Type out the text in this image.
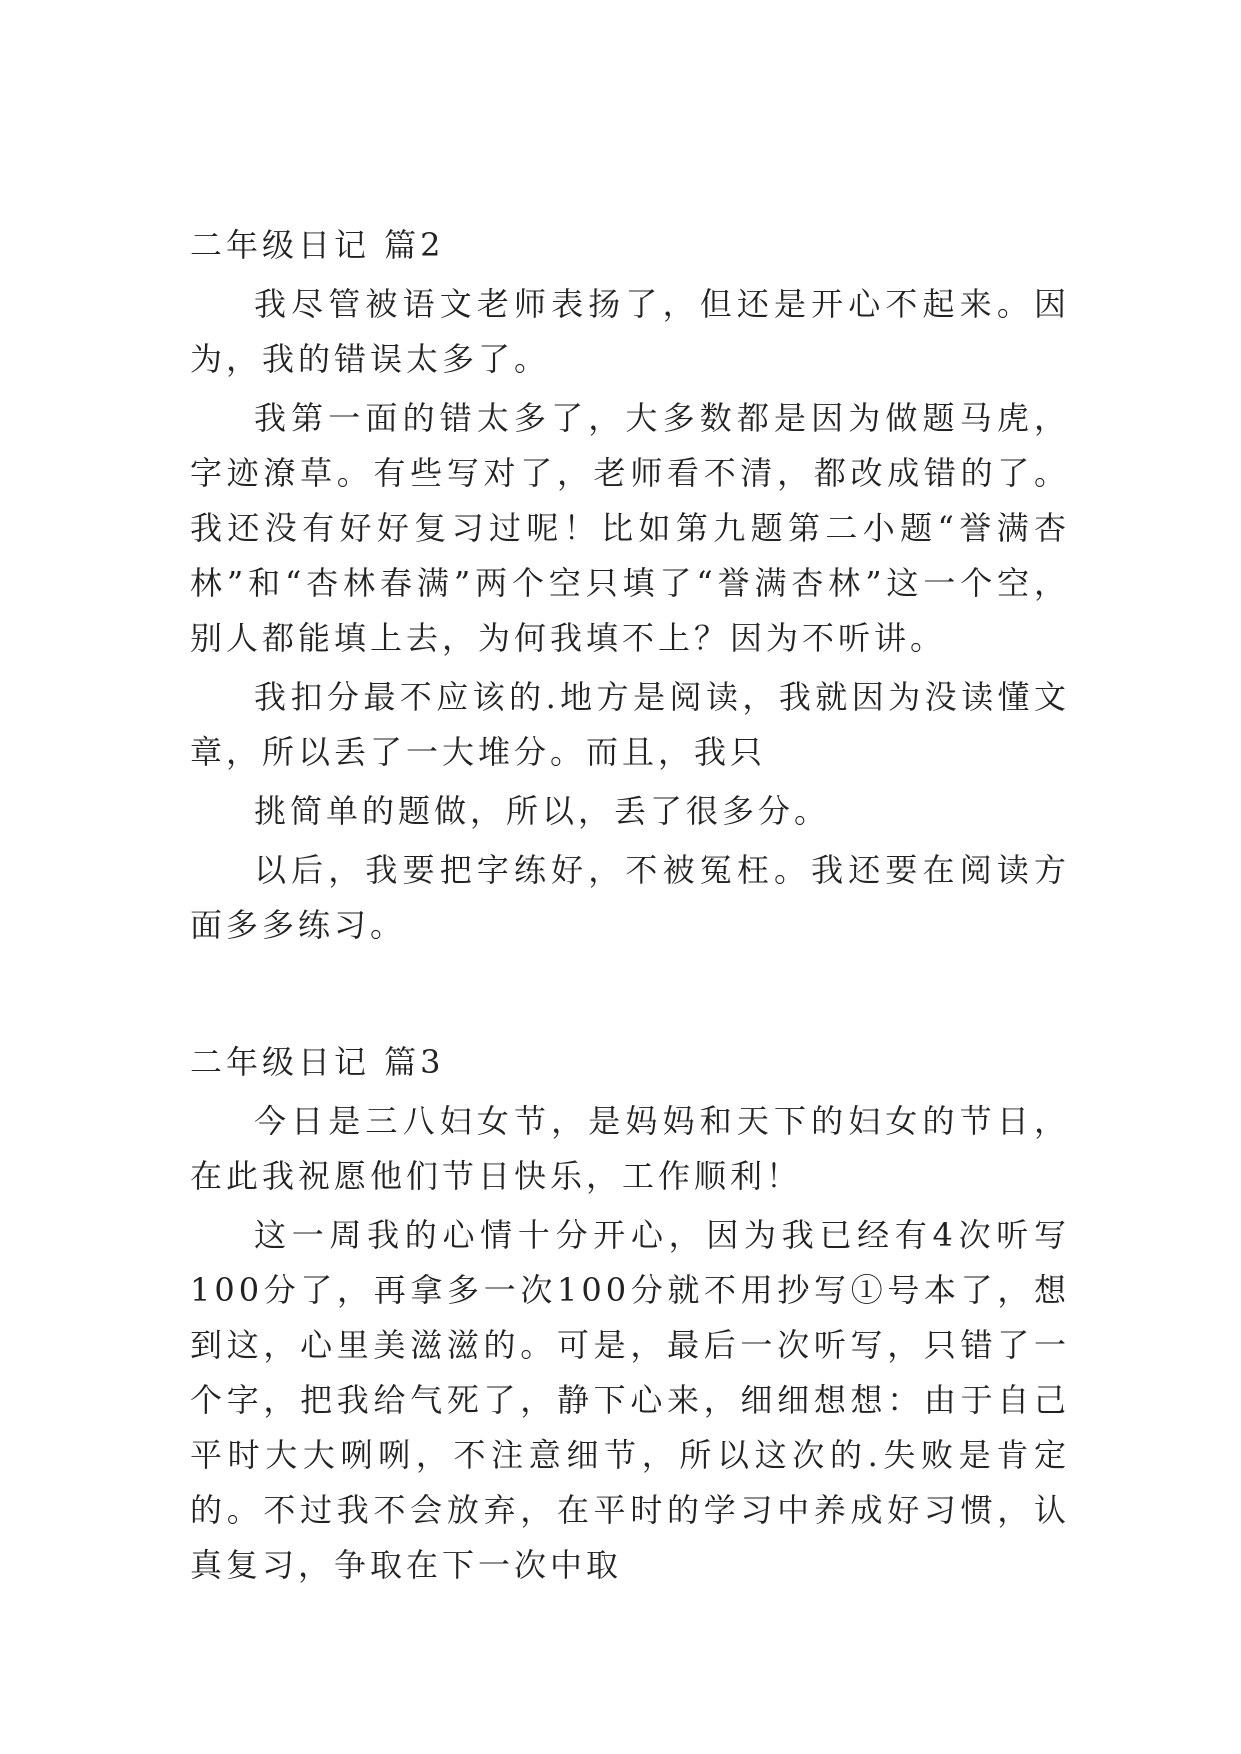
二年级日记 篇2

我尽管被语文老师表扬了，但还是开心不起来。因为，我的错误太多了。

我第一面的错太多了，大多数都是因为做题马虎，字迹潦草。有些写对了，老师看不清，都改成错的了。我还没有好好复习过呢！比如第九题第二小题“誉满杏林”和“杏林春满”两个空只填了“誉满杏林”这一个空，别人都能填上去，为何我填不上？因为不听讲。

我扣分最不应该的.地方是阅读，我就因为没读懂文章，所以丢了一大堆分。而且，我只

挑简单的题做，所以，丢了很多分。

以后，我要把字练好，不被冤枉。我还要在阅读方面多多练习。

二年级日记 篇3

今日是三八妇女节，是妈妈和天下的妇女的节日，在此我祝愿他们节日快乐，工作顺利！

这一周我的心情十分开心，因为我已经有4次听写100分了，再拿多一次100分就不用抄写①号本了，想到这，心里美滋滋的。可是，最后一次听写，只错了一个字，把我给气死了，静下心来，细细想想：由于自己平时大大咧咧，不注意细节，所以这次的.失败是肯定的。不过我不会放弃，在平时的学习中养成好习惯，认真复习，争取在下一次中取
